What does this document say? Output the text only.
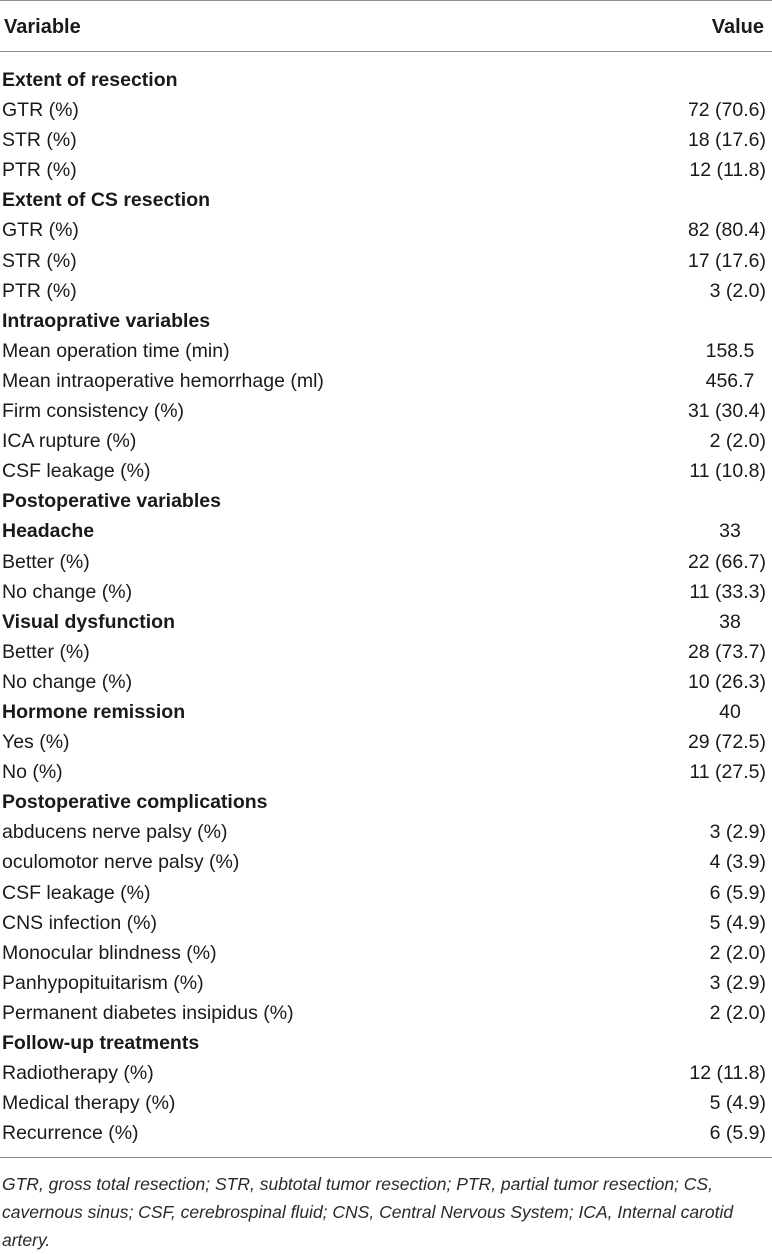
Variable	Value
Extent of resection
GTR (%)	72 (70.6)
STR (%)	18 (17.6)
PTR (%)	12 (11.8)
Extent of CS resection
GTR (%)	82 (80.4)
STR (%)	17 (17.6)
PTR (%)	3 (2.0)
Intraoprative variables
Mean operation time (min)	158.5
Mean intraoperative hemorrhage (ml)	456.7
Firm consistency (%)	31 (30.4)
ICA rupture (%)	2 (2.0)
CSF leakage (%)	11 (10.8)
Postoperative variables
Headache	33
Better (%)	22 (66.7)
No change (%)	11 (33.3)
Visual dysfunction	38
Better (%)	28 (73.7)
No change (%)	10 (26.3)
Hormone remission	40
Yes (%)	29 (72.5)
No (%)	11 (27.5)
Postoperative complications
abducens nerve palsy (%)	3 (2.9)
oculomotor nerve palsy (%)	4 (3.9)
CSF leakage (%)	6 (5.9)
CNS infection (%)	5 (4.9)
Monocular blindness (%)	2 (2.0)
Panhypopituitarism (%)	3 (2.9)
Permanent diabetes insipidus (%)	2 (2.0)
Follow-up treatments
Radiotherapy (%)	12 (11.8)
Medical therapy (%)	5 (4.9)
Recurrence (%)	6 (5.9)
GTR, gross total resection; STR, subtotal tumor resection; PTR, partial tumor resection; CS, cavernous sinus; CSF, cerebrospinal fluid; CNS, Central Nervous System; ICA, Internal carotid artery.
